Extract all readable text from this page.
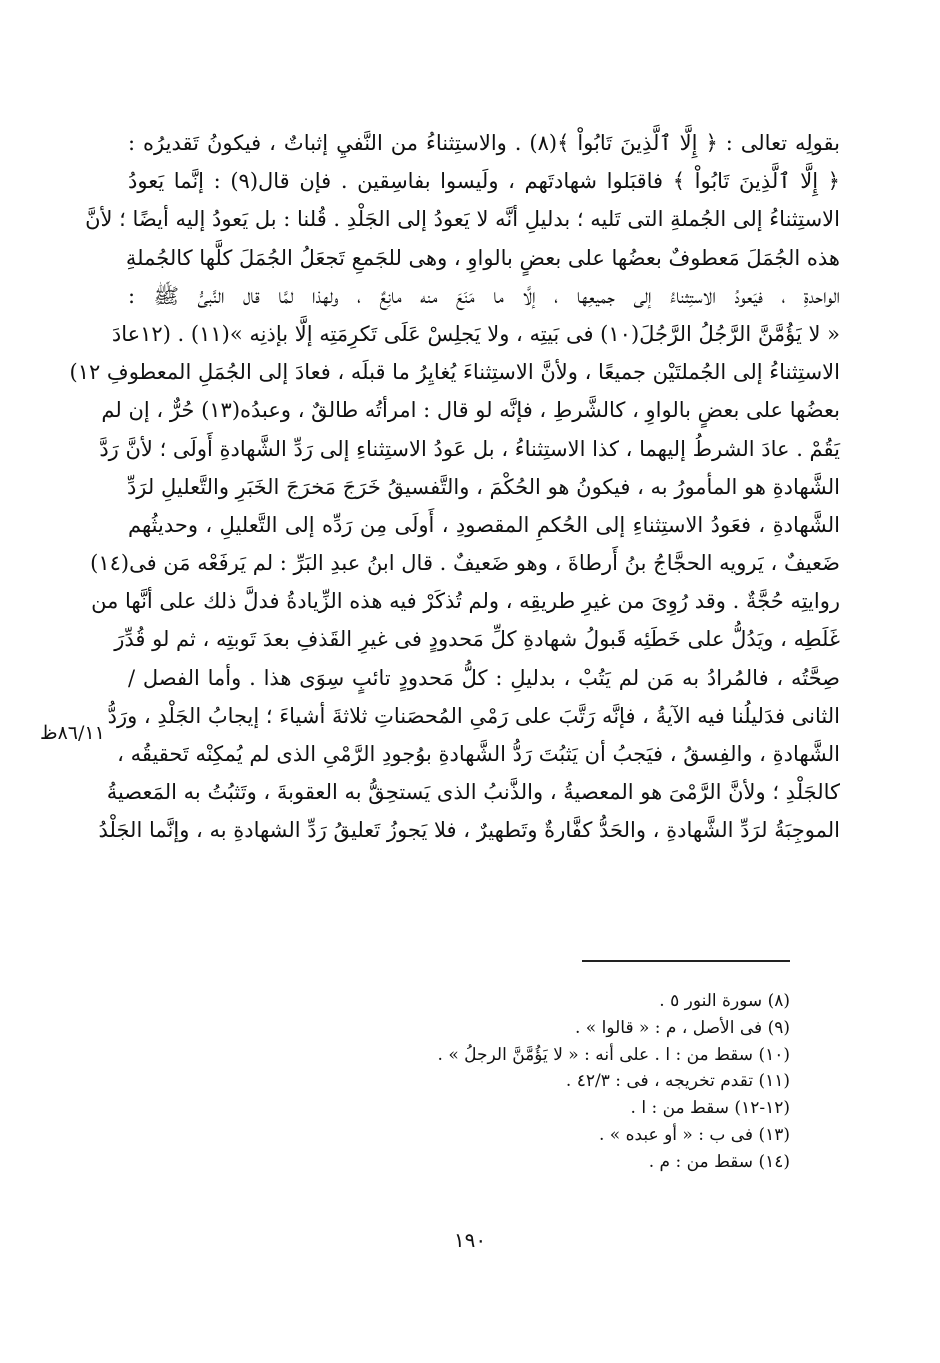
بقولِه تعالى : ﴿ إِلَّا ٱلَّذِينَ تَابُواْ ﴾(٨) . والاستِثناءُ من النَّفيِ إثباتٌ ، فيكونُ تَقديرُه :
﴿ إِلَّا ٱلَّذِينَ تَابُواْ ﴾ فاقبَلوا شهادتَهم ، ولَيسوا بفاسِقين . فإن قال(٩) : إنَّما يَعودُ
الاستِثناءُ إلى الجُملةِ التى تَليه ؛ بدليلِ أنَّه لا يَعودُ إلى الجَلْدِ . قُلنا : بل يَعودُ إليه أيضًا ؛ لأنَّ
هذه الجُمَلَ مَعطوفٌ بعضُها على بعضٍ بالواوِ ، وهى للجَمعِ تَجعَلُ الجُمَلَ كلَّها كالجُملةِ
الواحدةِ ، فيَعودُ الاستِثناءُ إلى جميعِها ، إلَّا ما مَنَعَ منه مانِعٌ ، ولهذا لمَّا قال النَّبىُّ ﷺ :
« لا يَؤُمَّنَّ الرَّجُلُ الرَّجُلَ(١٠) فى بَيتِه ، ولا يَجلِسْ عَلَى تَكرِمَتِه إلَّا بإذنِه »(١١) . (١٢عادَ
الاستِثناءُ إلى الجُملتَيْن جميعًا ، ولأنَّ الاستِثناءَ يُغايِرُ ما قبلَه ، فعادَ إلى الجُمَلِ المعطوفِ ١٢)
بعضُها على بعضٍ بالواوِ ، كالشَّرطِ ، فإنَّه لو قال : امرأتُه طالقٌ ، وعبدُه(١٣) حُرٌّ ، إن لم
يَقُمْ . عادَ الشرطُ إليهما ، كذا الاستِثناءُ ، بل عَودُ الاستِثناءِ إلى رَدِّ الشَّهادةِ أَولَى ؛ لأنَّ رَدَّ
الشَّهادةِ هو المأمورُ به ، فيكونُ هو الحُكْمَ ، والتَّفسيقُ خَرَجَ مَخرَجَ الخَبَرِ والتَّعليلِ لرَدِّ
الشَّهادةِ ، فعَودُ الاستِثناءِ إلى الحُكمِ المقصودِ ، أَولَى مِن رَدِّه إلى التَّعليلِ ، وحديثُهم
ضَعيفٌ ، يَرويه الحجَّاجُ بنُ أَرطاةَ ، وهو ضَعيفٌ . قال ابنُ عبدِ البَرِّ : لم يَرفَعْه مَن فى(١٤)
روايتِه حُجَّةٌ . وقد رُوِىَ من غيرِ طريقِه ، ولم تُذكَرْ فيه هذه الزِّيادةُ فدلَّ ذلك على أنَّها من
غَلَطِه ، ويَدُلُّ على خَطَئِه قَبولُ شهادةِ كلِّ مَحدودٍ فى غيرِ القَذفِ بعدَ تَوبتِه ، ثم لو قُدِّرَ
صِحَّتُه ، فالمُرادُ به مَن لم يَتُبْ ، بدليلِ : كلُّ مَحدودٍ تائبٍ سِوَى هذا . وأما الفصل /
الثانى فدَليلُنا فيه الآيةُ ، فإنَّه رَتَّبَ على رَمْىِ المُحصَناتِ ثلاثةَ أشياءَ ؛ إيجابُ الجَلْدِ ، ورَدُّ
الشَّهادةِ ، والفِسقُ ، فيَجبُ أن يَثبُتَ رَدُّ الشَّهادةِ بوُجودِ الرَّمْىِ الذى لم يُمكِنْه تَحقيقُه ،
كالجَلْدِ ؛ ولأنَّ الرَّمْىَ هو المعصيةُ ، والذَّنبُ الذى يَستحِقُّ به العقوبةَ ، وتَثبُتُ به المَعصيةُ
الموجِبَةُ لرَدِّ الشَّهادةِ ، والحَدُّ كفَّارةٌ وتَطهيرٌ ، فلا يَجوزُ تَعليقُ رَدِّ الشهادةِ به ، وإنَّما الجَلْدُ
٨٦/١١ظ
(٨) سورة النور ٥ .
(٩) فى الأصل ، م : « قالوا » .
(١٠) سقط من : ا . على أنه : « لا يَؤُمَّنَّ الرجلُ » .
(١١) تقدم تخريجه ، فى : ٤٢/٣ .
(١٢-١٢) سقط من : ا .
(١٣) فى ب : « أو عبده » .
(١٤) سقط من : م .
١٩٠
